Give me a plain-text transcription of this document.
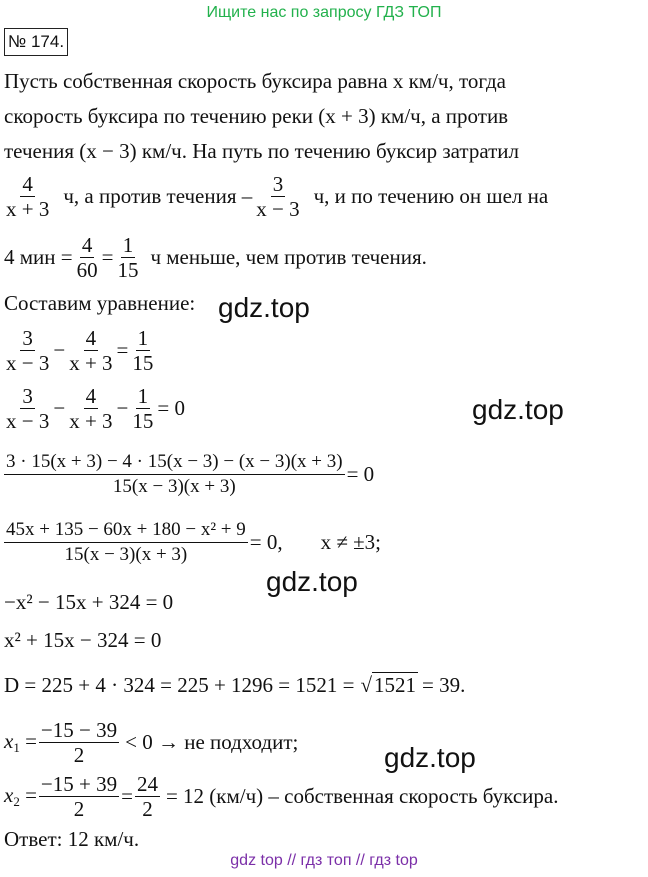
Ищите нас по запросу ГДЗ ТОП
№ 174.
Пусть собственная скорость буксира равна x км/ч, тогда
скорость буксира по течению реки (x + 3) км/ч, а против
течения (x − 3) км/ч. На путь по течению буксир затратил
$\frac{4}{x + 3} ч$, а против течения – $\frac{3}{x - 3} ч$, и по течению он шел на
4 мин = $\frac{4}{60} = \frac{1}{15}$ ч меньше, чем против течения.
Составим уравнение: gdz.top
$\frac{3}{x - 3} - \frac{4}{x + 3} = \frac{1}{15}$
$\frac{3}{x - 3} - \frac{4}{x + 3} - \frac{1}{15} = 0$	gdz.top
$\frac{3 \cdot 15(x + 3) - 4 \cdot 15(x - 3) - (x - 3)(x + 3)}{15(x - 3)(x + 3)} = 0$
$\frac{\text{45x + 135 − 60x + 180 − x² + 9}}{15(x - 3)(x + 3)} = 0$, x ≠ ±3;
gdz.top
−x² − 15x + 324 = 0
x² + 15x − 324 = 0
D = 225 + 4 · 324 = 225 + 1296 = 1521 = √ 1521 = 39.
$x_1 = \frac{-15 - 39}{2} < 0$ → не подходит;	gdz.top
$x_2 = \frac{-15 + 39}{2} = \frac{24}{2} = 12$ (км/ч) – собственная скорость буксира.
Ответ: 12 км/ч.
gdz top // гдз топ // гдз top
